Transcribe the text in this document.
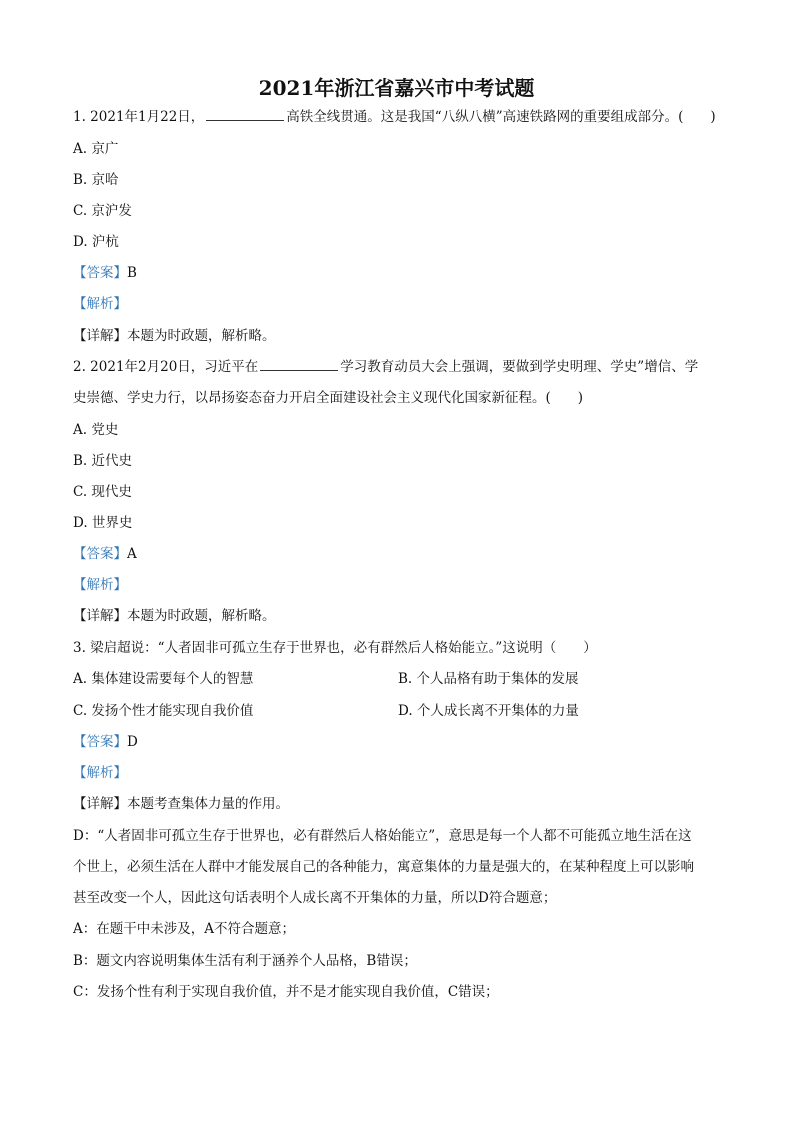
2021年浙江省嘉兴市中考试题
1. 2021年1月22日，	高铁全线贯通。这是我国“八纵八横”高速铁路网的重要组成部分。(　　)
A. 京广
B. 京哈
C. 京沪发
D. 沪杭
【答案】B
【解析】
【详解】本题为时政题，解析略。
2. 2021年2月20日，习近平在	学习教育动员大会上强调，要做到学史明理、学史”增信、学
史崇德、学史力行，以昂扬姿态奋力开启全面建设社会主义现代化国家新征程。(　　)
A. 党史
B. 近代史
C. 现代史
D. 世界史
【答案】A
【解析】
【详解】本题为时政题，解析略。
3. 梁启超说：“人者固非可孤立生存于世界也，必有群然后人格始能立。”这说明（　　）
A. 集体建设需要每个人的智慧	B. 个人品格有助于集体的发展
C. 发扬个性才能实现自我价值	D. 个人成长离不开集体的力量
【答案】D
【解析】
【详解】本题考查集体力量的作用。
D：“人者固非可孤立生存于世界也，必有群然后人格始能立”，意思是每一个人都不可能孤立地生活在这
个世上，必须生活在人群中才能发展自己的各种能力，寓意集体的力量是强大的，在某种程度上可以影响
甚至改变一个人，因此这句话表明个人成长离不开集体的力量，所以D符合题意；
A：在题干中未涉及，A不符合题意；
B：题文内容说明集体生活有利于涵养个人品格，B错误；
C：发扬个性有利于实现自我价值，并不是才能实现自我价值，C错误；
